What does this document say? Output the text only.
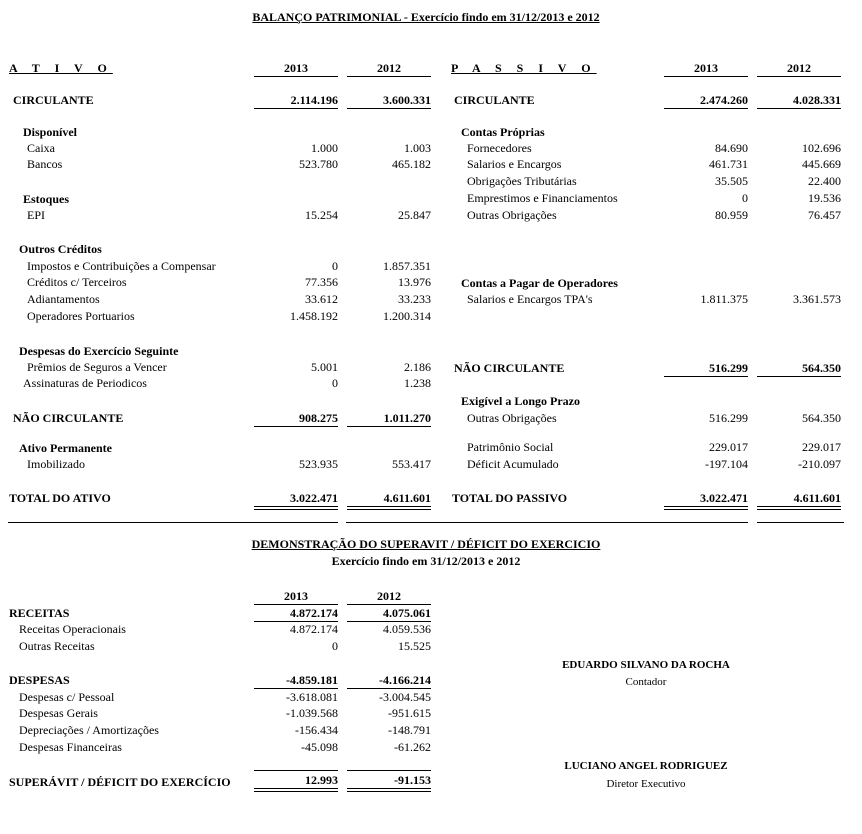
BALANÇO PATRIMONIAL - Exercício findo em 31/12/2013 e 2012
A T I V O	2013	2012
CIRCULANTE	2.114.196	3.600.331
Disponível
Caixa	1.000	1.003
Bancos	523.780	465.182
Estoques
EPI	15.254	25.847
Outros Créditos
Impostos e Contribuições a Compensar	0	1.857.351
Créditos c/ Terceiros	77.356	13.976
Adiantamentos	33.612	33.233
Operadores Portuarios	1.458.192	1.200.314
Despesas do Exercício Seguinte
Prêmios de Seguros a Vencer	5.001	2.186
Assinaturas de Periodicos	0	1.238
NÃO CIRCULANTE	908.275	1.011.270
Ativo Permanente
Imobilizado	523.935	553.417
TOTAL DO ATIVO	3.022.471	4.611.601
P A S S I V O	2013	2012
CIRCULANTE	2.474.260	4.028.331
Contas Próprias
Fornecedores	84.690	102.696
Salarios e Encargos	461.731	445.669
Obrigações Tributárias	35.505	22.400
Emprestimos e Financiamentos	0	19.536
Outras Obrigações	80.959	76.457
Contas a Pagar de Operadores
Salarios e Encargos TPA's	1.811.375	3.361.573
NÃO CIRCULANTE	516.299	564.350
Exigível a Longo Prazo
Outras Obrigações	516.299	564.350
Patrimônio Social	229.017	229.017
Déficit Acumulado	-197.104	-210.097
TOTAL DO PASSIVO	3.022.471	4.611.601
DEMONSTRAÇÃO DO SUPERAVIT / DÉFICIT DO EXERCICIO
Exercício findo em 31/12/2013 e 2012
2013	2012
RECEITAS	4.872.174	4.075.061
Receitas Operacionais	4.872.174	4.059.536
Outras Receitas	0	15.525
DESPESAS	-4.859.181	-4.166.214
Despesas c/ Pessoal	-3.618.081	-3.004.545
Despesas Gerais	-1.039.568	-951.615
Depreciações / Amortizações	-156.434	-148.791
Despesas Financeiras	-45.098	-61.262
SUPERÁVIT / DÉFICIT DO EXERCÍCIO	12.993	-91.153
EDUARDO SILVANO DA ROCHA
Contador
LUCIANO ANGEL RODRIGUEZ
Diretor Executivo
